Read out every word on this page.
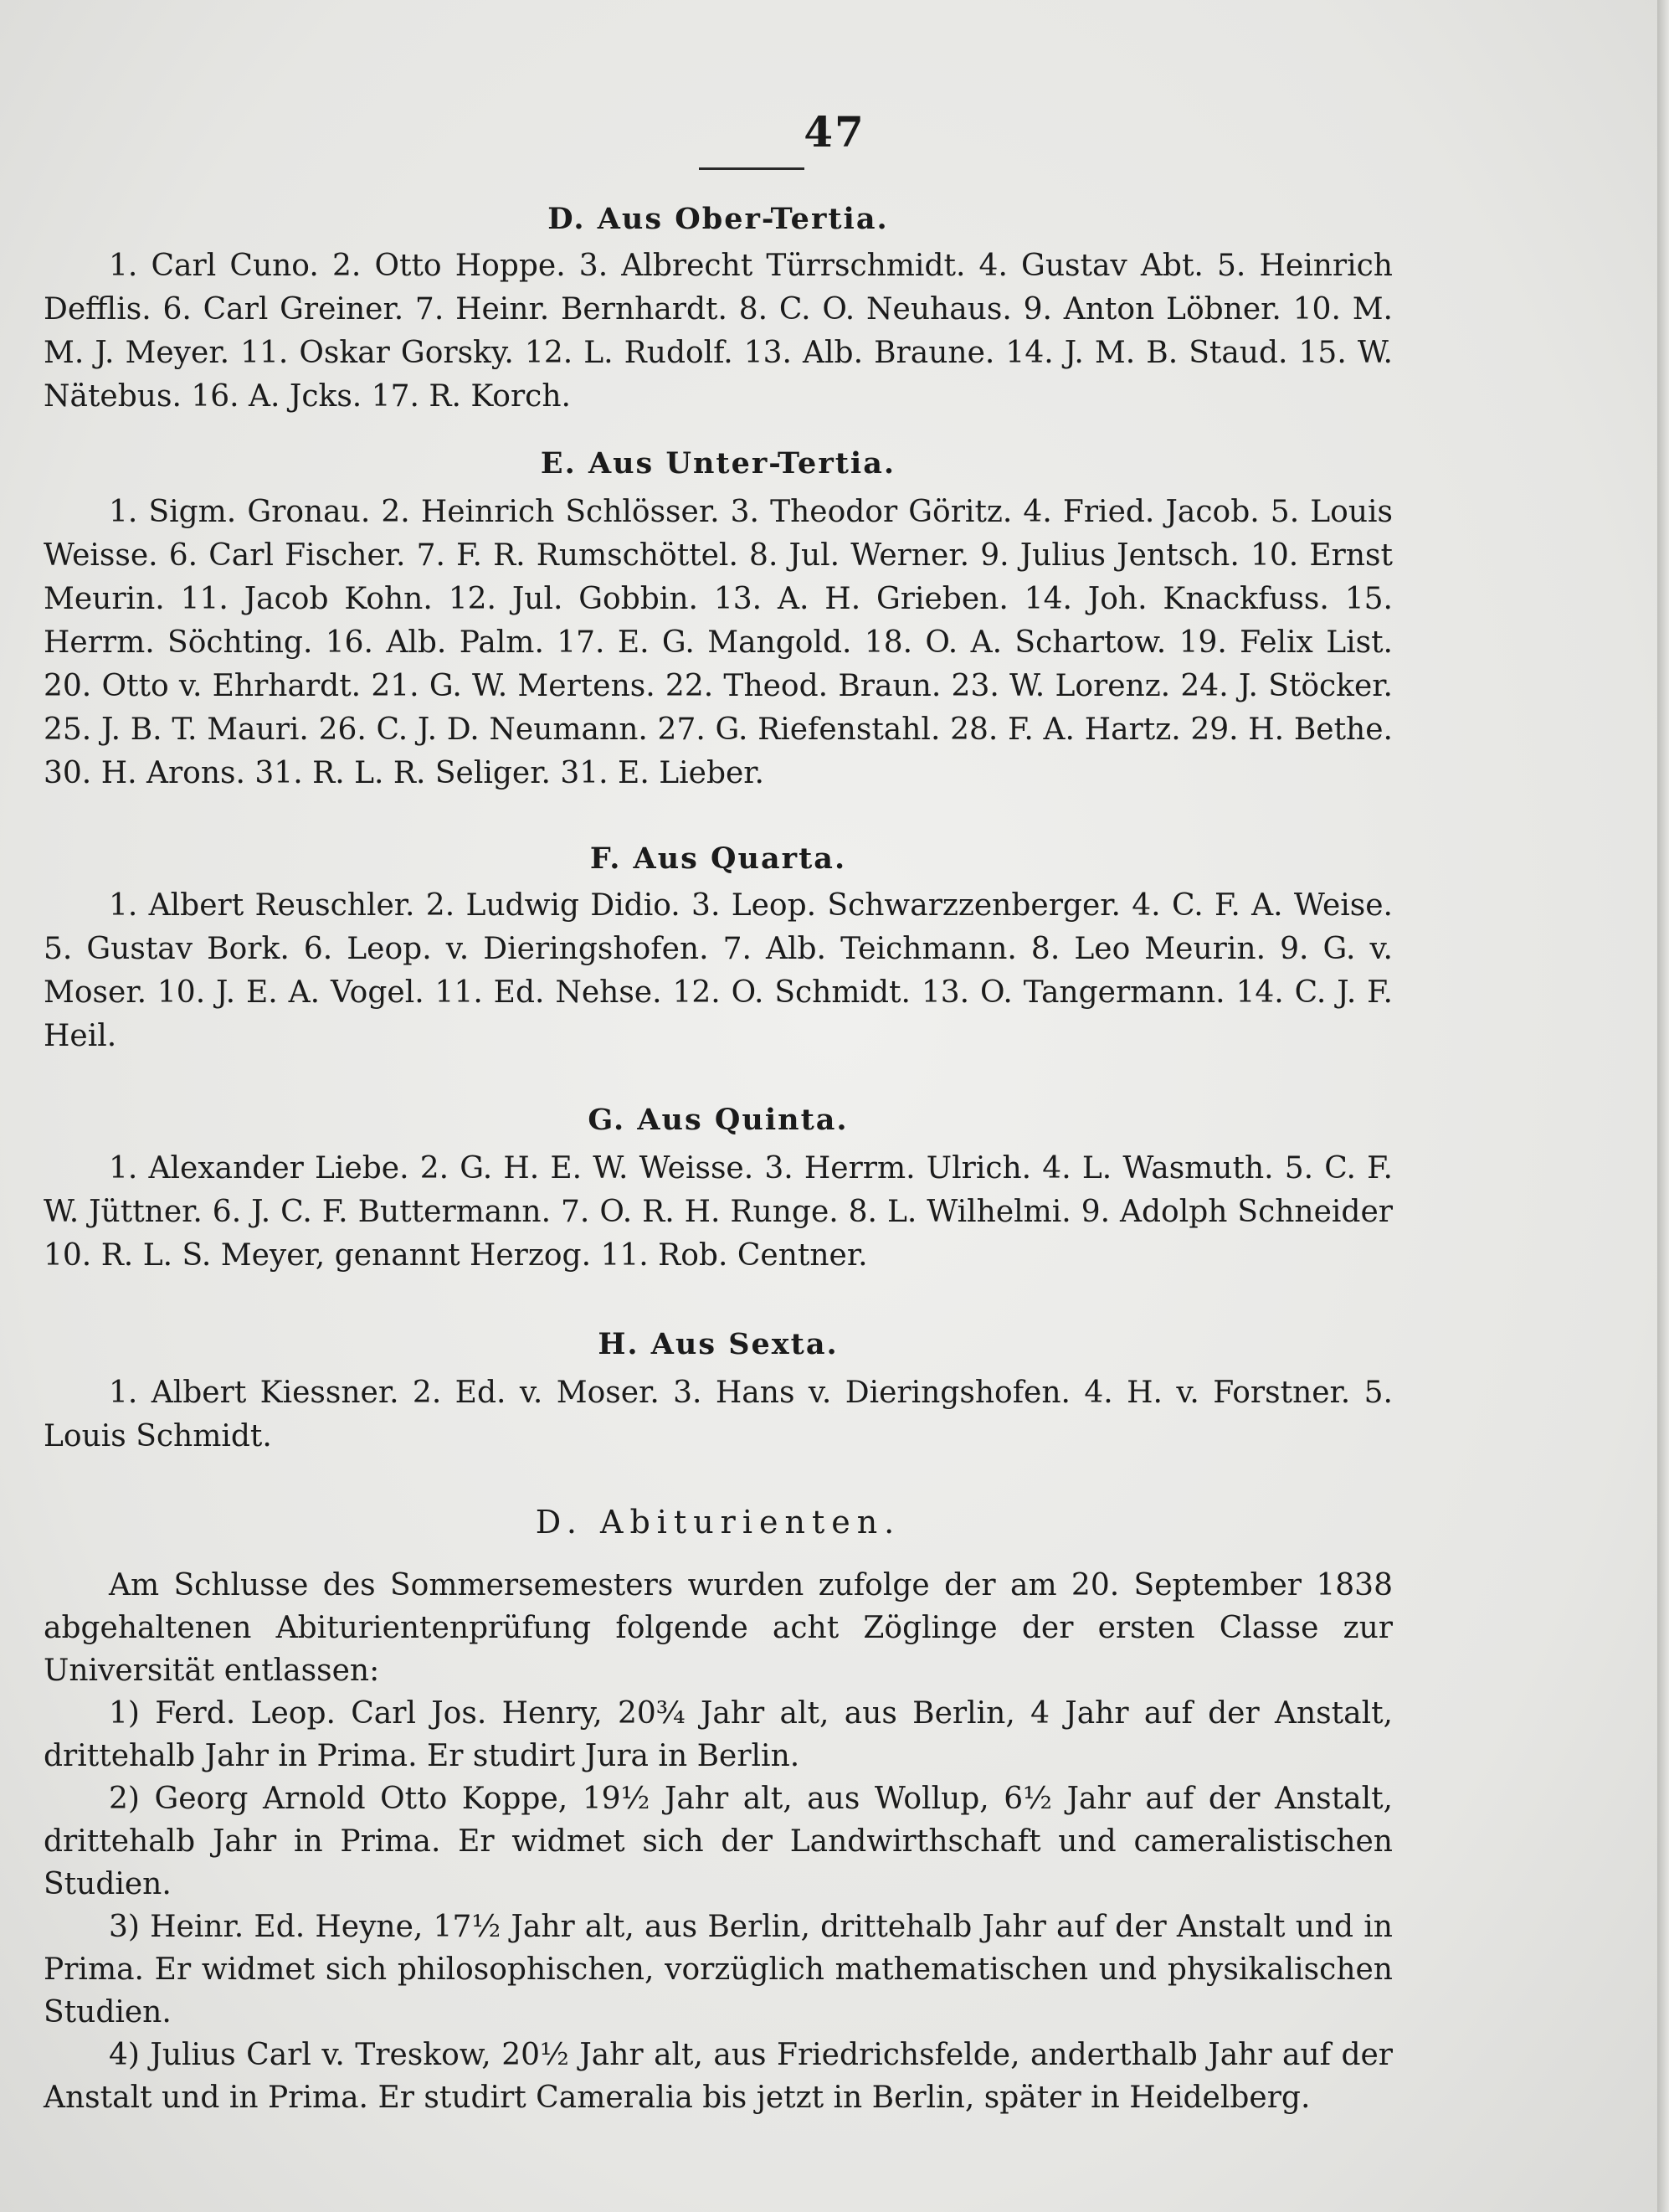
47
D. Aus Ober-Tertia.

1. Carl Cuno. 2. Otto Hoppe. 3. Albrecht Türrschmidt. 4. Gustav Abt. 5. Heinrich Defflis. 6. Carl Greiner. 7. Heinr. Bernhardt. 8. C. O. Neuhaus. 9. Anton Löbner. 10. M. M. J. Meyer. 11. Oskar Gorsky. 12. L. Rudolf. 13. Alb. Braune. 14. J. M. B. Staud. 15. W. Nätebus. 16. A. Jcks. 17. R. Korch.

E. Aus Unter-Tertia.

1. Sigm. Gronau. 2. Heinrich Schlösser. 3. Theodor Göritz. 4. Fried. Jacob. 5. Louis Weisse. 6. Carl Fischer. 7. F. R. Rumschöttel. 8. Jul. Werner. 9. Julius Jentsch. 10. Ernst Meurin. 11. Jacob Kohn. 12. Jul. Gobbin. 13. A. H. Grieben. 14. Joh. Knackfuss. 15. Herrm. Söchting. 16. Alb. Palm. 17. E. G. Mangold. 18. O. A. Schartow. 19. Felix List. 20. Otto v. Ehrhardt. 21. G. W. Mertens. 22. Theod. Braun. 23. W. Lorenz. 24. J. Stöcker. 25. J. B. T. Mauri. 26. C. J. D. Neumann. 27. G. Riefenstahl. 28. F. A. Hartz. 29. H. Bethe. 30. H. Arons. 31. R. L. R. Seliger. 31. E. Lieber.

F. Aus Quarta.

1. Albert Reuschler. 2. Ludwig Didio. 3. Leop. Schwarzzenberger. 4. C. F. A. Weise. 5. Gustav Bork. 6. Leop. v. Dieringshofen. 7. Alb. Teichmann. 8. Leo Meurin. 9. G. v. Moser. 10. J. E. A. Vogel. 11. Ed. Nehse. 12. O. Schmidt. 13. O. Tangermann. 14. C. J. F. Heil.

G. Aus Quinta.

1. Alexander Liebe. 2. G. H. E. W. Weisse. 3. Herrm. Ulrich. 4. L. Wasmuth. 5. C. F. W. Jüttner. 6. J. C. F. Buttermann. 7. O. R. H. Runge. 8. L. Wilhelmi. 9. Adolph Schneider 10. R. L. S. Meyer, genannt Herzog. 11. Rob. Centner.

H. Aus Sexta.

1. Albert Kiessner. 2. Ed. v. Moser. 3. Hans v. Dieringshofen. 4. H. v. Forstner. 5. Louis Schmidt.

D. Abiturienten.

Am Schlusse des Sommersemesters wurden zufolge der am 20. September 1838 abgehaltenen Abiturientenprüfung folgende acht Zöglinge der ersten Classe zur Universität entlassen:

1) Ferd. Leop. Carl Jos. Henry, 20¾ Jahr alt, aus Berlin, 4 Jahr auf der Anstalt, drittehalb Jahr in Prima. Er studirt Jura in Berlin.

2) Georg Arnold Otto Koppe, 19½ Jahr alt, aus Wollup, 6½ Jahr auf der Anstalt, drittehalb Jahr in Prima. Er widmet sich der Landwirthschaft und cameralistischen Studien.

3) Heinr. Ed. Heyne, 17½ Jahr alt, aus Berlin, drittehalb Jahr auf der Anstalt und in Prima. Er widmet sich philosophischen, vorzüglich mathematischen und physikalischen Studien.

4) Julius Carl v. Treskow, 20½ Jahr alt, aus Friedrichsfelde, anderthalb Jahr auf der Anstalt und in Prima. Er studirt Cameralia bis jetzt in Berlin, später in Heidelberg.
